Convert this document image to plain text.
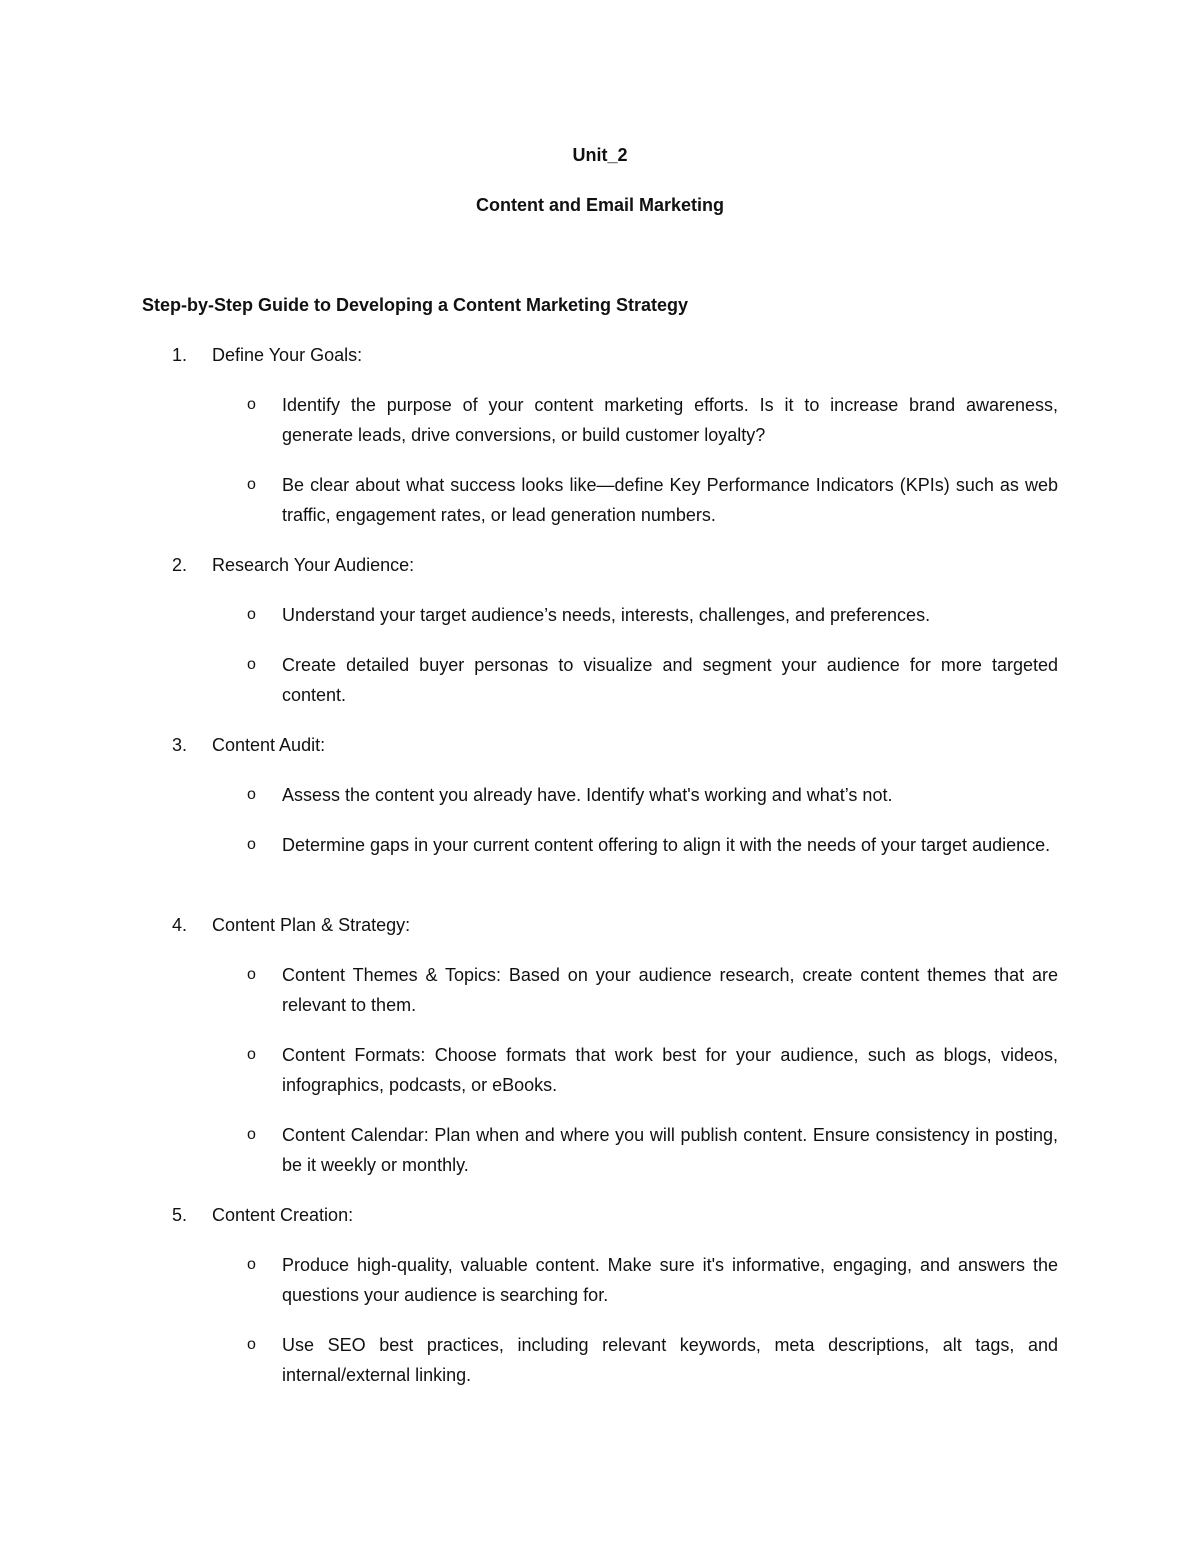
Unit_2

Content and Email Marketing

Step-by-Step Guide to Developing a Content Marketing Strategy

1. Define Your Goals:
o Identify the purpose of your content marketing efforts. Is it to increase brand awareness, generate leads, drive conversions, or build customer loyalty?
o Be clear about what success looks like—define Key Performance Indicators (KPIs) such as web traffic, engagement rates, or lead generation numbers.
2. Research Your Audience:
o Understand your target audience’s needs, interests, challenges, and preferences.
o Create detailed buyer personas to visualize and segment your audience for more targeted content.
3. Content Audit:
o Assess the content you already have. Identify what's working and what’s not.
o Determine gaps in your current content offering to align it with the needs of your target audience.
4. Content Plan & Strategy:
o Content Themes & Topics: Based on your audience research, create content themes that are relevant to them.
o Content Formats: Choose formats that work best for your audience, such as blogs, videos, infographics, podcasts, or eBooks.
o Content Calendar: Plan when and where you will publish content. Ensure consistency in posting, be it weekly or monthly.
5. Content Creation:
o Produce high-quality, valuable content. Make sure it's informative, engaging, and answers the questions your audience is searching for.
o Use SEO best practices, including relevant keywords, meta descriptions, alt tags, and internal/external linking.
